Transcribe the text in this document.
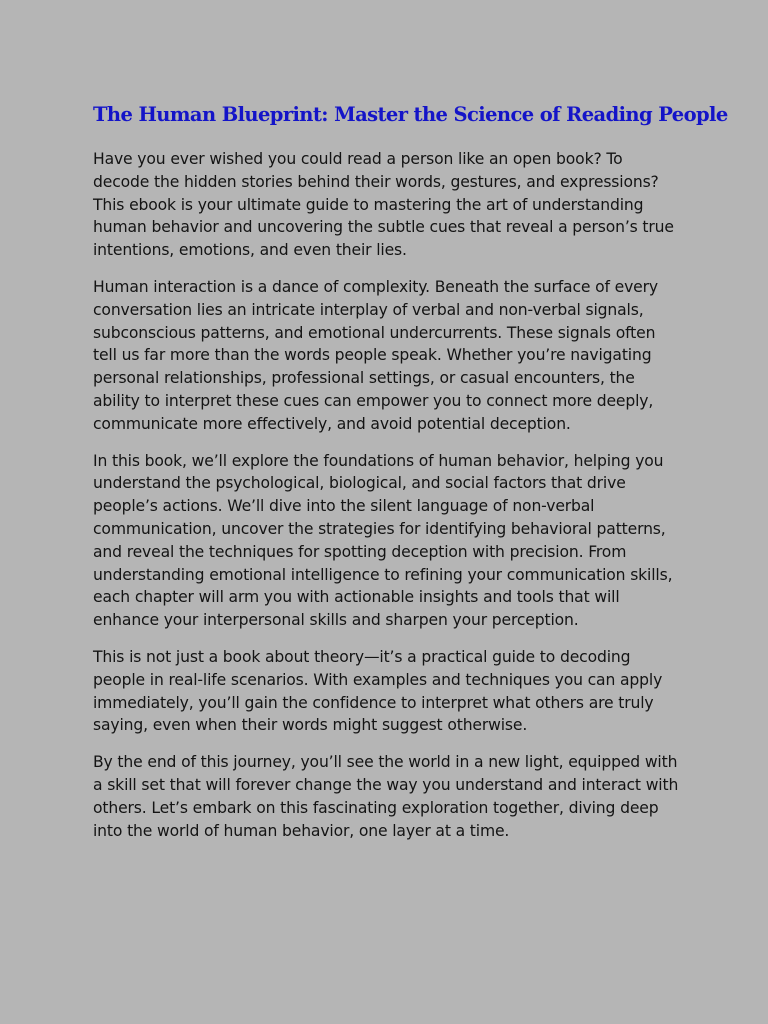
The Human Blueprint: Master the Science of Reading People

Have you ever wished you could read a person like an open book? To decode the hidden stories behind their words, gestures, and expressions? This ebook is your ultimate guide to mastering the art of understanding human behavior and uncovering the subtle cues that reveal a person’s true intentions, emotions, and even their lies.

Human interaction is a dance of complexity. Beneath the surface of every conversation lies an intricate interplay of verbal and non-verbal signals, subconscious patterns, and emotional undercurrents. These signals often tell us far more than the words people speak. Whether you’re navigating personal relationships, professional settings, or casual encounters, the ability to interpret these cues can empower you to connect more deeply, communicate more effectively, and avoid potential deception.

In this book, we’ll explore the foundations of human behavior, helping you understand the psychological, biological, and social factors that drive people’s actions. We’ll dive into the silent language of non-verbal communication, uncover the strategies for identifying behavioral patterns, and reveal the techniques for spotting deception with precision. From understanding emotional intelligence to refining your communication skills, each chapter will arm you with actionable insights and tools that will enhance your interpersonal skills and sharpen your perception.

This is not just a book about theory—it’s a practical guide to decoding people in real-life scenarios. With examples and techniques you can apply immediately, you’ll gain the confidence to interpret what others are truly saying, even when their words might suggest otherwise.

By the end of this journey, you’ll see the world in a new light, equipped with a skill set that will forever change the way you understand and interact with others. Let’s embark on this fascinating exploration together, diving deep into the world of human behavior, one layer at a time.
